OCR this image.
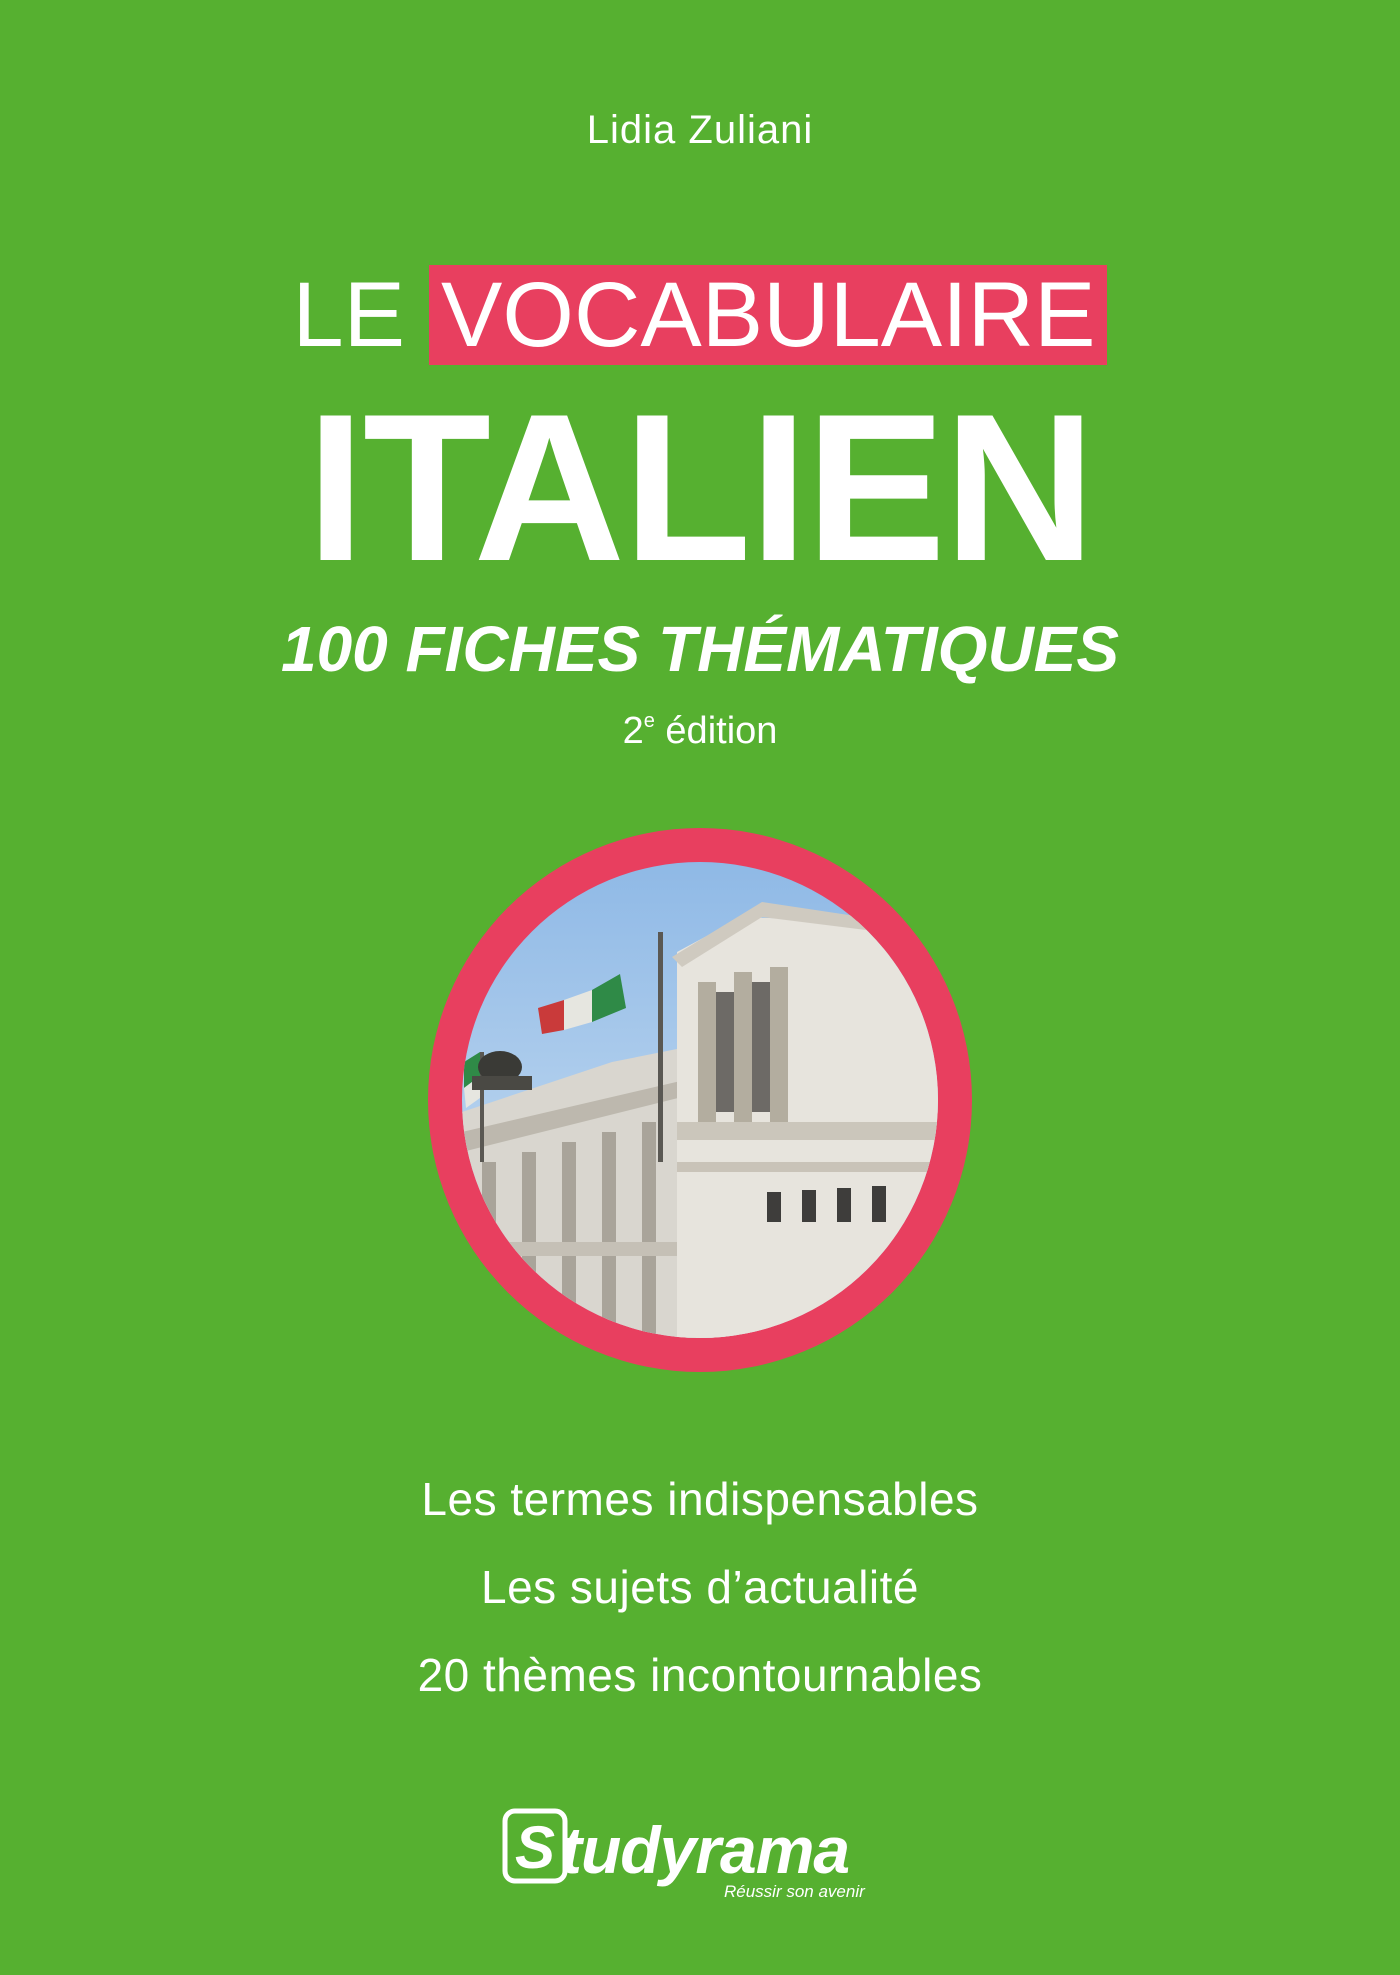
Lidia Zuliani
LE VOCABULAIRE
ITALIEN
100 FICHES THÉMATIQUES
2e édition
Les termes indispensables
Les sujets d’actualité
20 thèmes incontournables
S tudyrama
Réussir son avenir
